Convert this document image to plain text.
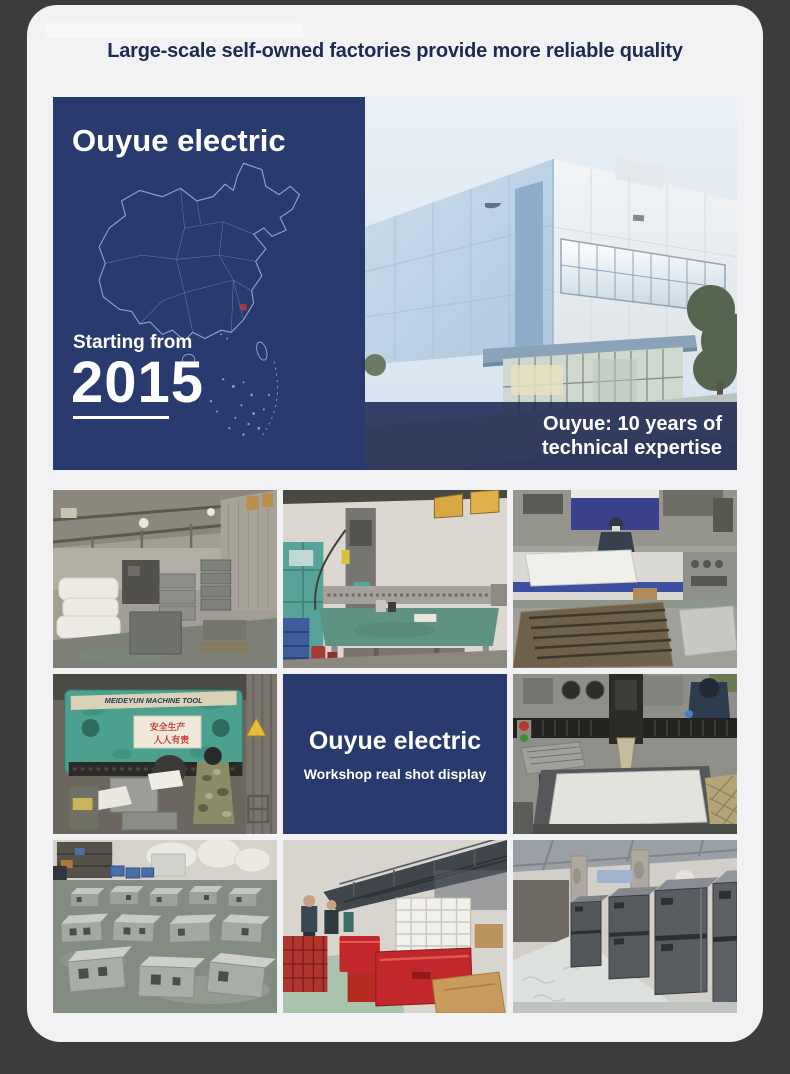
Large-scale self-owned factories provide more reliable quality
Ouyue electric
Starting from
2015
Ouyue: 10 years of
technical expertise
MEIDEYUN MACHINE TOOL
安全生产
人人有责	Ouyue electric
Workshop real shot display
